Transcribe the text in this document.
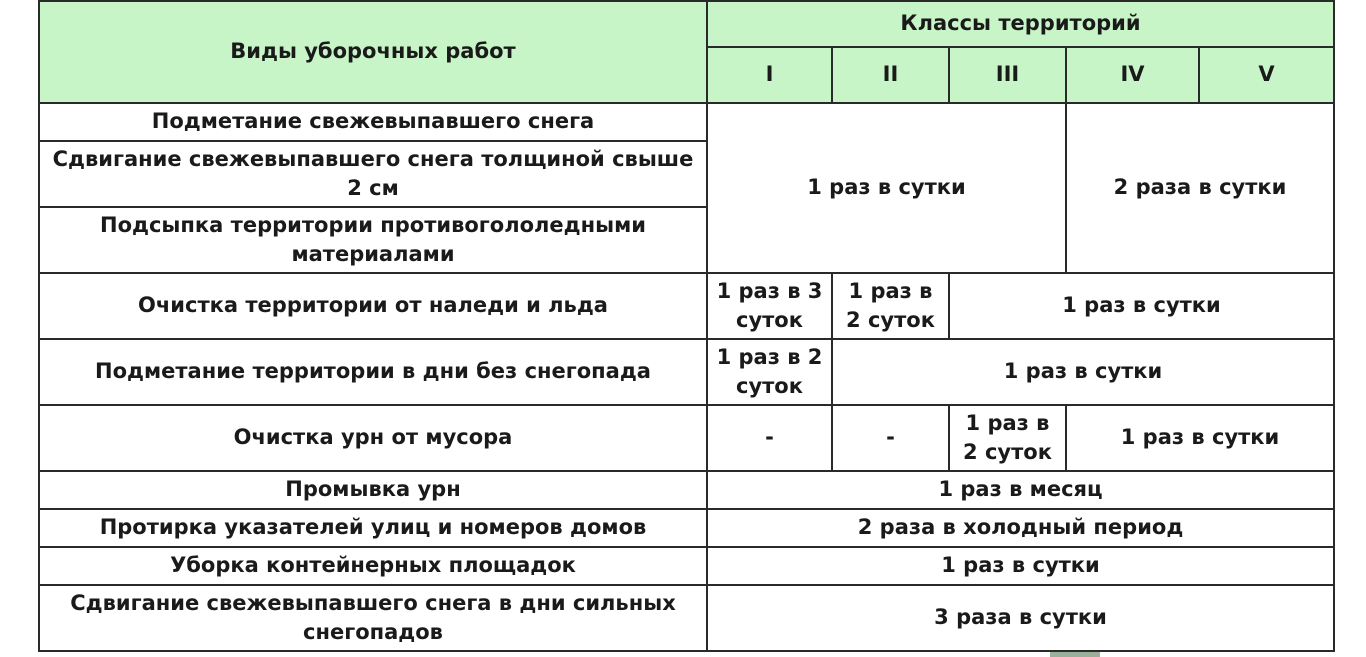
Виды уборочных работ	Классы территорий				
	I	II	III	IV	V
Подметание свежевыпавшего снега	1 раз в сутки			2 раза в сутки	
Сдвигание свежевыпавшего снега толщиной свыше 2 см					
Подсыпка территории противогололедными материалами					
Очистка территории от наледи и льда	1 раз в 3 суток	1 раз в 2 суток	1 раз в сутки		
Подметание территории в дни без снегопада	1 раз в 2 суток	1 раз в сутки			
Очистка урн от мусора	-	-	1 раз в 2 суток	1 раз в сутки	
Промывка урн	1 раз в месяц				
Протирка указателей улиц и номеров домов	2 раза в холодный период				
Уборка контейнерных площадок	1 раз в сутки				
Сдвигание свежевыпавшего снега в дни сильных снегопадов	3 раза в сутки				
